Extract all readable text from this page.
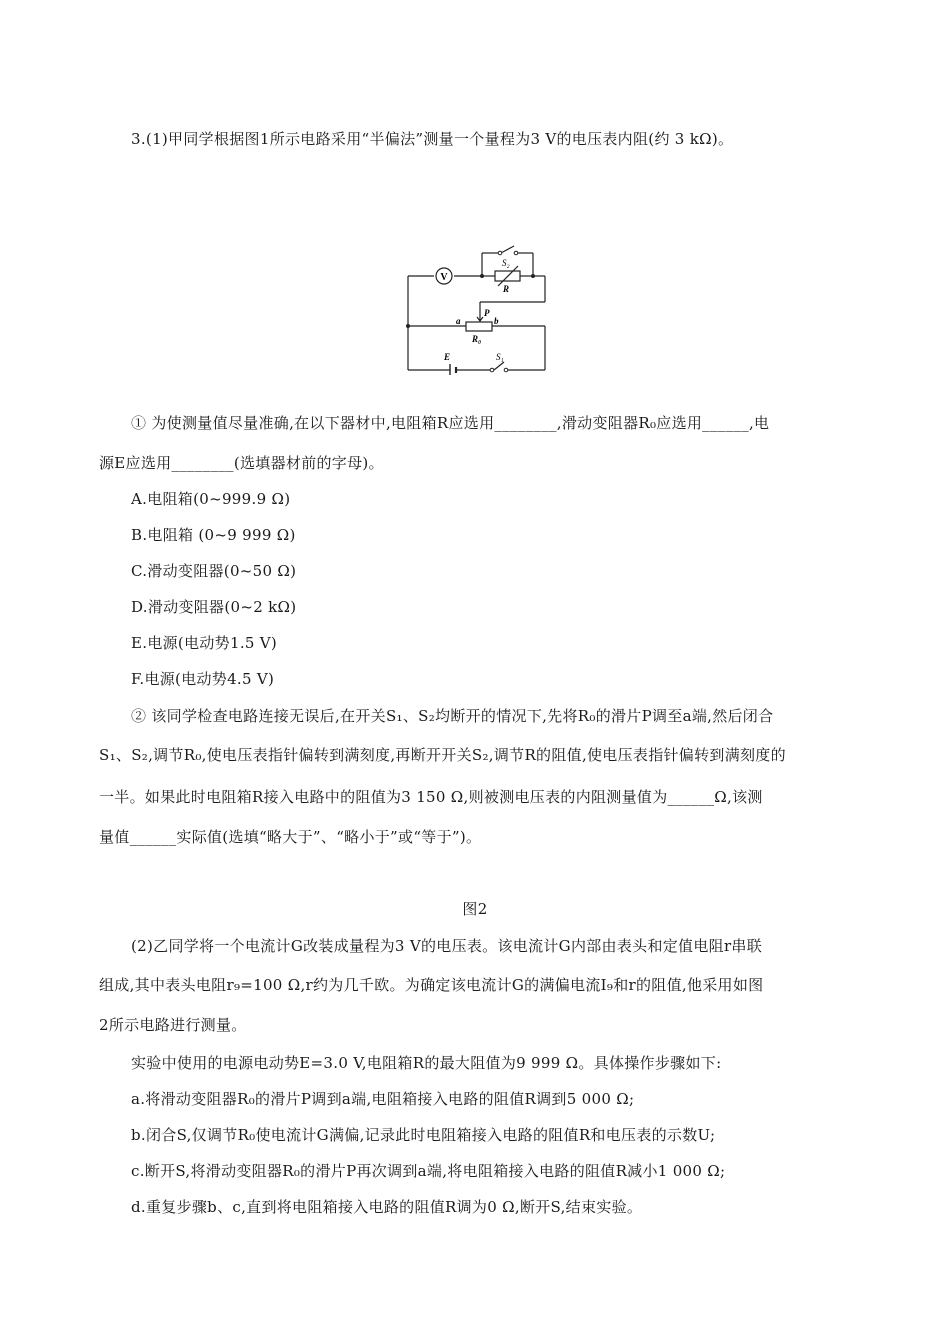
3.(1)甲同学根据图1所示电路采用“半偏法”测量一个量程为3 V的电压表内阻(约 3 kΩ)。
V
S₂
R
P
a	b
R₀
E	S₁
① 为使测量值尽量准确,在以下器材中,电阻箱R应选用________,滑动变阻器R₀应选用______,电
源E应选用________(选填器材前的字母)。
A.电阻箱(0~999.9 Ω)
B.电阻箱 (0~9 999 Ω)
C.滑动变阻器(0~50 Ω)
D.滑动变阻器(0~2 kΩ)
E.电源(电动势1.5 V)
F.电源(电动势4.5 V)
② 该同学检查电路连接无误后,在开关S₁、S₂均断开的情况下,先将R₀的滑片P调至a端,然后闭合
S₁、S₂,调节R₀,使电压表指针偏转到满刻度,再断开开关S₂,调节R的阻值,使电压表指针偏转到满刻度的
一半。如果此时电阻箱R接入电路中的阻值为3 150 Ω,则被测电压表的内阻测量值为______Ω,该测
量值______实际值(选填“略大于”、“略小于”或“等于”)。
图2
(2)乙同学将一个电流计G改装成量程为3 V的电压表。该电流计G内部由表头和定值电阻r串联
组成,其中表头电阻r₉=100 Ω,r约为几千欧。为确定该电流计G的满偏电流I₉和r的阻值,他采用如图
2所示电路进行测量。
实验中使用的电源电动势E=3.0 V,电阻箱R的最大阻值为9 999 Ω。具体操作步骤如下:
a.将滑动变阻器R₀的滑片P调到a端,电阻箱接入电路的阻值R调到5 000 Ω;
b.闭合S,仅调节R₀使电流计G满偏,记录此时电阻箱接入电路的阻值R和电压表的示数U;
c.断开S,将滑动变阻器R₀的滑片P再次调到a端,将电阻箱接入电路的阻值R减小1 000 Ω;
d.重复步骤b、c,直到将电阻箱接入电路的阻值R调为0 Ω,断开S,结束实验。
